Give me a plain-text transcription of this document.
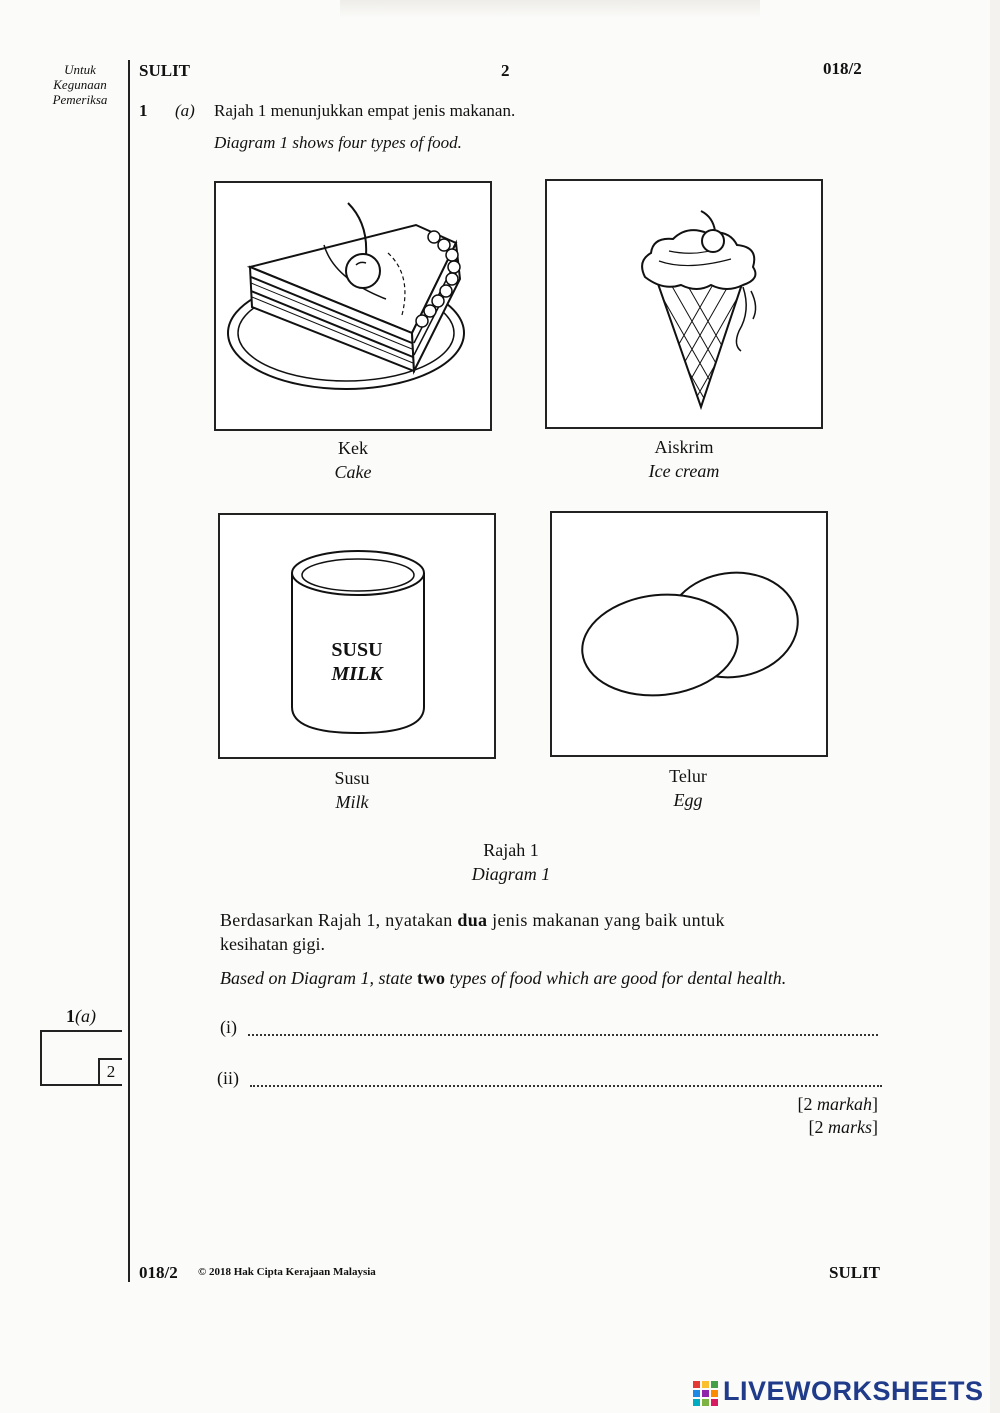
Untuk
Kegunaan
Pemeriksa
SULIT	2	018/2
1 (a) Rajah 1 menunjukkan empat jenis makanan.
Diagram 1 shows four types of food.
SUSU
MILK
Kek
Cake
Aiskrim
Ice cream
Susu
Milk
Telur
Egg
Rajah 1
Diagram 1
Berdasarkan Rajah 1, nyatakan dua jenis makanan yang baik untuk
kesihatan gigi.
Based on Diagram 1, state two types of food which are good for dental health.
(i)
(ii)
[2 markah]
[2 marks]
1(a)
2
018/2 © 2018 Hak Cipta Kerajaan Malaysia	SULIT
LIVEWORKSHEETS
